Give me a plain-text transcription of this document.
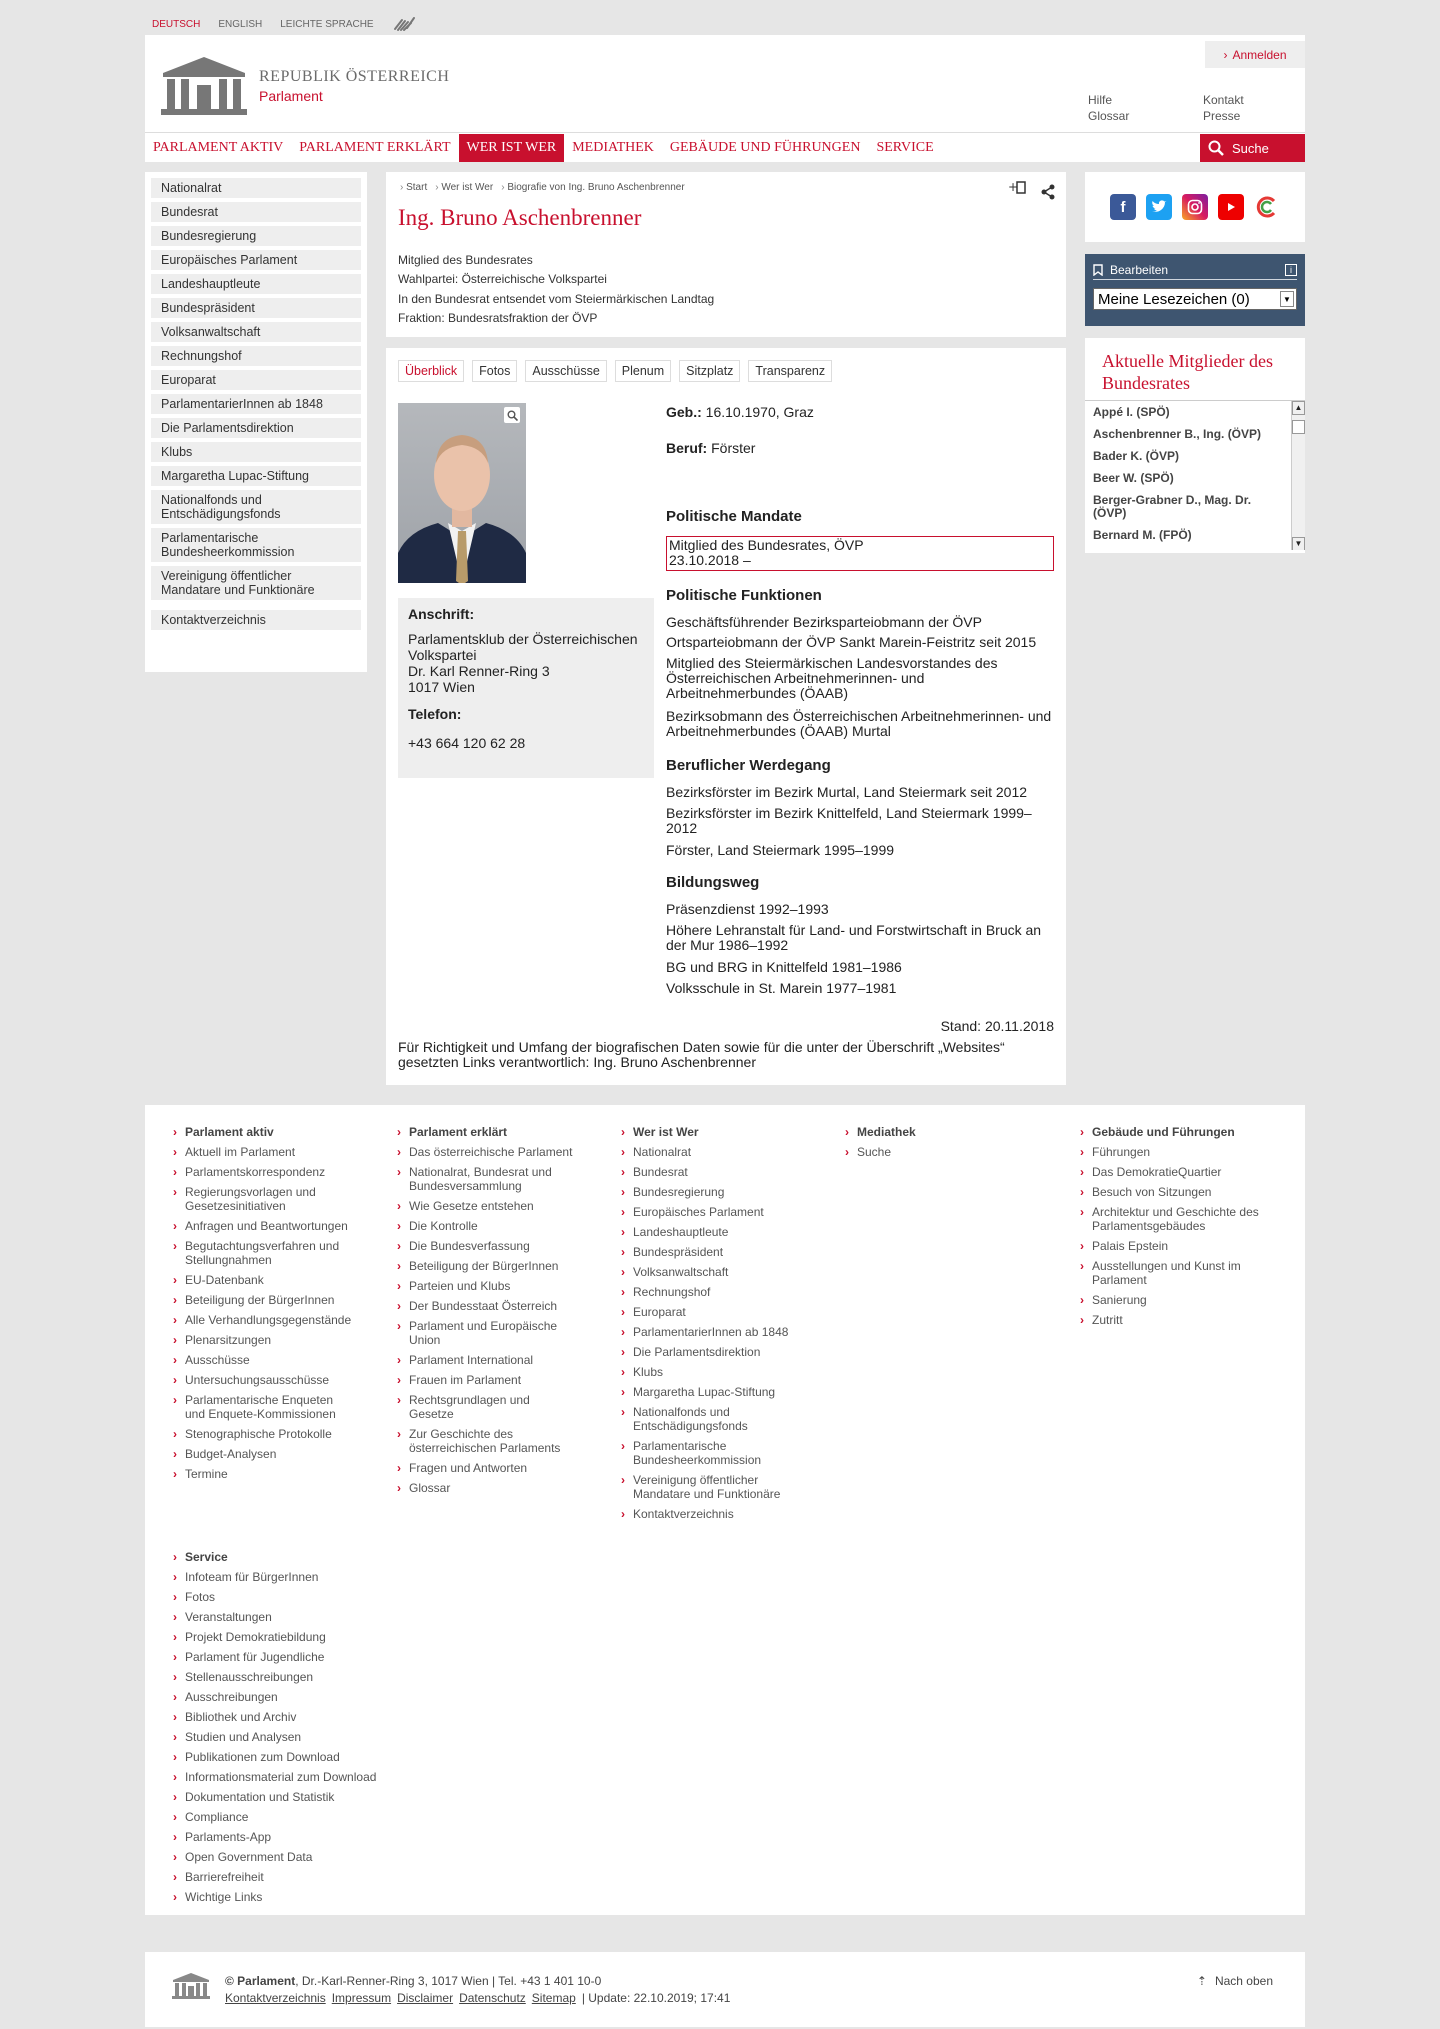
DEUTSCH ENGLISH LEICHTE SPRACHE
REPUBLIK ÖSTERREICH
Parlament
› Anmelden
Hilfe
Glossar
Kontakt
Presse
PARLAMENT AKTIV	PARLAMENT ERKLÄRT	WER IST WER	MEDIATHEK	GEBÄUDE UND FÜHRUNGEN	SERVICE	Suche
Nationalrat
Bundesrat
Bundesregierung
Europäisches Parlament
Landeshauptleute
Bundespräsident
Volksanwaltschaft
Rechnungshof
Europarat
ParlamentarierInnen ab 1848
Die Parlamentsdirektion
Klubs
Margaretha Lupac-Stiftung
Nationalfonds und Entschädigungsfonds
Parlamentarische Bundesheerkommission
Vereinigung öffentlicher Mandatare und Funktionäre
Kontaktverzeichnis
› Start	› Wer ist Wer	› Biografie von Ing. Bruno Aschenbrenner	+
Ing. Bruno Aschenbrenner
Mitglied des Bundesrates
Wahlpartei: Österreichische Volkspartei
In den Bundesrat entsendet vom Steiermärkischen Landtag
Fraktion: Bundesratsfraktion der ÖVP
Überblick	Fotos	Ausschüsse	Plenum	Sitzplatz	Transparenz
Anschrift:
Parlamentsklub der Österreichischen
Volkspartei
Dr. Karl Renner-Ring 3
1017 Wien
Telefon:
+43 664 120 62 28
Geb.: 16.10.1970, Graz
Beruf: Förster
Politische Mandate
Mitglied des Bundesrates, ÖVP
23.10.2018 –
Politische Funktionen
Geschäftsführender Bezirksparteiobmann der ÖVP
Ortsparteiobmann der ÖVP Sankt Marein-Feistritz seit 2015
Mitglied des Steiermärkischen Landesvorstandes des Österreichischen Arbeitnehmerinnen- und Arbeitnehmerbundes (ÖAAB)
Bezirksobmann des Österreichischen Arbeitnehmerinnen- und Arbeitnehmerbundes (ÖAAB) Murtal
Beruflicher Werdegang
Bezirksförster im Bezirk Murtal, Land Steiermark seit 2012
Bezirksförster im Bezirk Knittelfeld, Land Steiermark 1999–2012
Förster, Land Steiermark 1995–1999
Bildungsweg
Präsenzdienst 1992–1993
Höhere Lehranstalt für Land- und Forstwirtschaft in Bruck an der Mur 1986–1992
BG und BRG in Knittelfeld 1981–1986
Volksschule in St. Marein 1977–1981
Stand: 20.11.2018
Für Richtigkeit und Umfang der biografischen Daten sowie für die unter der Überschrift „Websites“ gesetzten Links verantwortlich: Ing. Bruno Aschenbrenner
f
Bearbeiten	i
Meine Lesezeichen (0)	▼
Aktuelle Mitglieder des Bundesrates
Appé I. (SPÖ)
Aschenbrenner B., Ing. (ÖVP)
Bader K. (ÖVP)
Beer W. (SPÖ)
Berger-Grabner D., Mag. Dr. (ÖVP)
Bernard M. (FPÖ)
▲
▼
› Parlament aktiv
› Aktuell im Parlament
› Parlamentskorrespondenz
› Regierungsvorlagen und Gesetzesinitiativen
› Anfragen und Beantwortungen
› Begutachtungsverfahren und Stellungnahmen
› EU-Datenbank
› Beteiligung der BürgerInnen
› Alle Verhandlungsgegenstände
› Plenarsitzungen
› Ausschüsse
› Untersuchungsausschüsse
› Parlamentarische Enqueten und Enquete-Kommissionen
› Stenographische Protokolle
› Budget-Analysen
› Termine
› Parlament erklärt
› Das österreichische Parlament
› Nationalrat, Bundesrat und Bundesversammlung
› Wie Gesetze entstehen
› Die Kontrolle
› Die Bundesverfassung
› Beteiligung der BürgerInnen
› Parteien und Klubs
› Der Bundesstaat Österreich
› Parlament und Europäische Union
› Parlament International
› Frauen im Parlament
› Rechtsgrundlagen und Gesetze
› Zur Geschichte des österreichischen Parlaments
› Fragen und Antworten
› Glossar
› Wer ist Wer
› Nationalrat
› Bundesrat
› Bundesregierung
› Europäisches Parlament
› Landeshauptleute
› Bundespräsident
› Volksanwaltschaft
› Rechnungshof
› Europarat
› ParlamentarierInnen ab 1848
› Die Parlamentsdirektion
› Klubs
› Margaretha Lupac-Stiftung
› Nationalfonds und Entschädigungsfonds
› Parlamentarische Bundesheerkommission
› Vereinigung öffentlicher Mandatare und Funktionäre
› Kontaktverzeichnis
› Mediathek
› Suche
› Gebäude und Führungen
› Führungen
› Das DemokratieQuartier
› Besuch von Sitzungen
› Architektur und Geschichte des Parlamentsgebäudes
› Palais Epstein
› Ausstellungen und Kunst im Parlament
› Sanierung
› Zutritt
› Service
› Infoteam für BürgerInnen
› Fotos
› Veranstaltungen
› Projekt Demokratiebildung
› Parlament für Jugendliche
› Stellenausschreibungen
› Ausschreibungen
› Bibliothek und Archiv
› Studien und Analysen
› Publikationen zum Download
› Informationsmaterial zum Download
› Dokumentation und Statistik
› Compliance
› Parlaments-App
› Open Government Data
› Barrierefreiheit
› Wichtige Links
© Parlament, Dr.-Karl-Renner-Ring 3, 1017 Wien | Tel. +43 1 401 10-0
Kontaktverzeichnis Impressum Disclaimer Datenschutz Sitemap | Update: 22.10.2019; 17:41
⇡ Nach oben
